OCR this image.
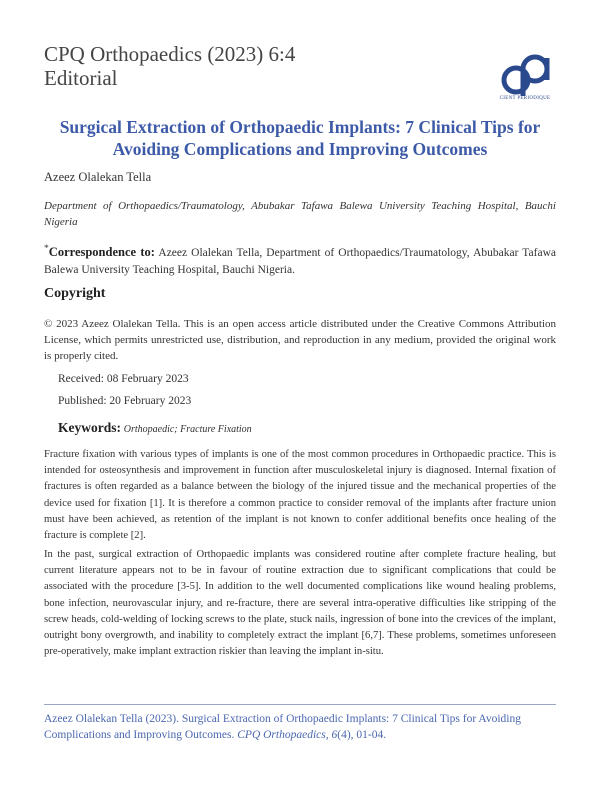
CPQ Orthopaedics (2023) 6:4
Editorial
CIENT PERIODIQUE
Surgical Extraction of Orthopaedic Implants: 7 Clinical Tips for Avoiding Complications and Improving Outcomes
Azeez Olalekan Tella
Department of Orthopaedics/Traumatology, Abubakar Tafawa Balewa University Teaching Hospital, Bauchi Nigeria
*Correspondence to: Azeez Olalekan Tella, Department of Orthopaedics/Traumatology, Abubakar Tafawa Balewa University Teaching Hospital, Bauchi Nigeria.
Copyright
© 2023 Azeez Olalekan Tella. This is an open access article distributed under the Creative Commons Attribution License, which permits unrestricted use, distribution, and reproduction in any medium, provided the original work is properly cited.
Received: 08 February 2023
Published: 20 February 2023
Keywords: Orthopaedic; Fracture Fixation
Fracture fixation with various types of implants is one of the most common procedures in Orthopaedic practice. This is intended for osteosynthesis and improvement in function after musculoskeletal injury is diagnosed. Internal fixation of fractures is often regarded as a balance between the biology of the injured tissue and the mechanical properties of the device used for fixation [1]. It is therefore a common practice to consider removal of the implants after fracture union must have been achieved, as retention of the implant is not known to confer additional benefits once healing of the fracture is complete [2].
In the past, surgical extraction of Orthopaedic implants was considered routine after complete fracture healing, but current literature appears not to be in favour of routine extraction due to significant complications that could be associated with the procedure [3-5]. In addition to the well documented complications like wound healing problems, bone infection, neurovascular injury, and re-fracture, there are several intra-operative difficulties like stripping of the screw heads, cold-welding of locking screws to the plate, stuck nails, ingression of bone into the crevices of the implant, outright bony overgrowth, and inability to completely extract the implant [6,7]. These problems, sometimes unforeseen pre-operatively, make implant extraction riskier than leaving the implant in-situ.
Azeez Olalekan Tella (2023). Surgical Extraction of Orthopaedic Implants: 7 Clinical Tips for Avoiding Complications and Improving Outcomes. CPQ Orthopaedics, 6(4), 01-04.
